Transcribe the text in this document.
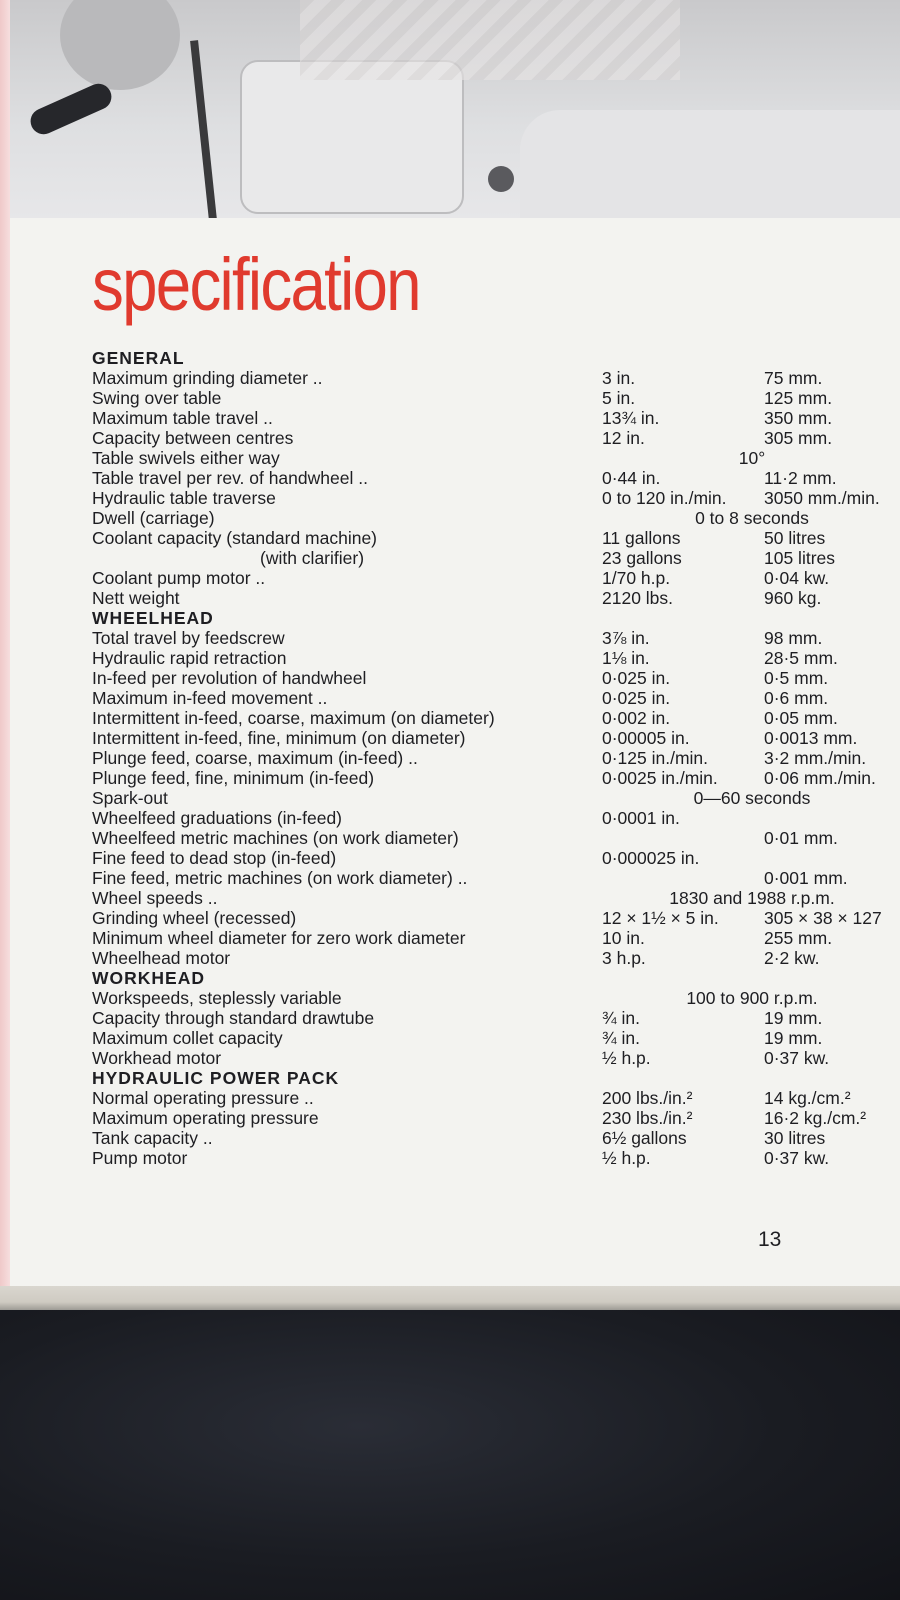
specification
GENERAL
Maximum grinding diameter ..	3 in.	75 mm.
Swing over table	5 in.	125 mm.
Maximum table travel ..	13¾ in.	350 mm.
Capacity between centres	12 in.	305 mm.
Table swivels either way	10°
Table travel per rev. of handwheel ..	0·44 in.	11·2 mm.
Hydraulic table traverse	0 to 120 in./min. 3050 mm./min.
Dwell (carriage)	0 to 8 seconds
Coolant capacity (standard machine)	11 gallons	50 litres
(with clarifier)	23 gallons	105 litres
Coolant pump motor ..	1/70 h.p.	0·04 kw.
Nett weight	2120 lbs.	960 kg.
WHEELHEAD
Total travel by feedscrew	3⅞ in.	98 mm.
Hydraulic rapid retraction	1⅛ in.	28·5 mm.
In-feed per revolution of handwheel	0·025 in.	0·5 mm.
Maximum in-feed movement ..	0·025 in.	0·6 mm.
Intermittent in-feed, coarse, maximum (on diameter)	0·002 in.	0·05 mm.
Intermittent in-feed, fine, minimum (on diameter)	0·00005 in.	0·0013 mm.
Plunge feed, coarse, maximum (in-feed) ..	0·125 in./min.	3·2 mm./min.
Plunge feed, fine, minimum (in-feed)	0·0025 in./min.	0·06 mm./min.
Spark-out	0—60 seconds
Wheelfeed graduations (in-feed)	0·0001 in.
Wheelfeed metric machines (on work diameter)	0·01 mm.
Fine feed to dead stop (in-feed)	0·000025 in.
Fine feed, metric machines (on work diameter) ..	0·001 mm.
Wheel speeds ..	1830 and 1988 r.p.m.
Grinding wheel (recessed)	12 × 1½ × 5 in.	305 × 38 × 127
Minimum wheel diameter for zero work diameter	10 in.	255 mm.
Wheelhead motor	3 h.p.	2·2 kw.
WORKHEAD
Workspeeds, steplessly variable	100 to 900 r.p.m.
Capacity through standard drawtube	¾ in.	19 mm.
Maximum collet capacity	¾ in.	19 mm.
Workhead motor	½ h.p.	0·37 kw.
HYDRAULIC POWER PACK
Normal operating pressure ..	200 lbs./in.²	14 kg./cm.²
Maximum operating pressure	230 lbs./in.²	16·2 kg./cm.²
Tank capacity ..	6½ gallons	30 litres
Pump motor	½ h.p.	0·37 kw.
13
